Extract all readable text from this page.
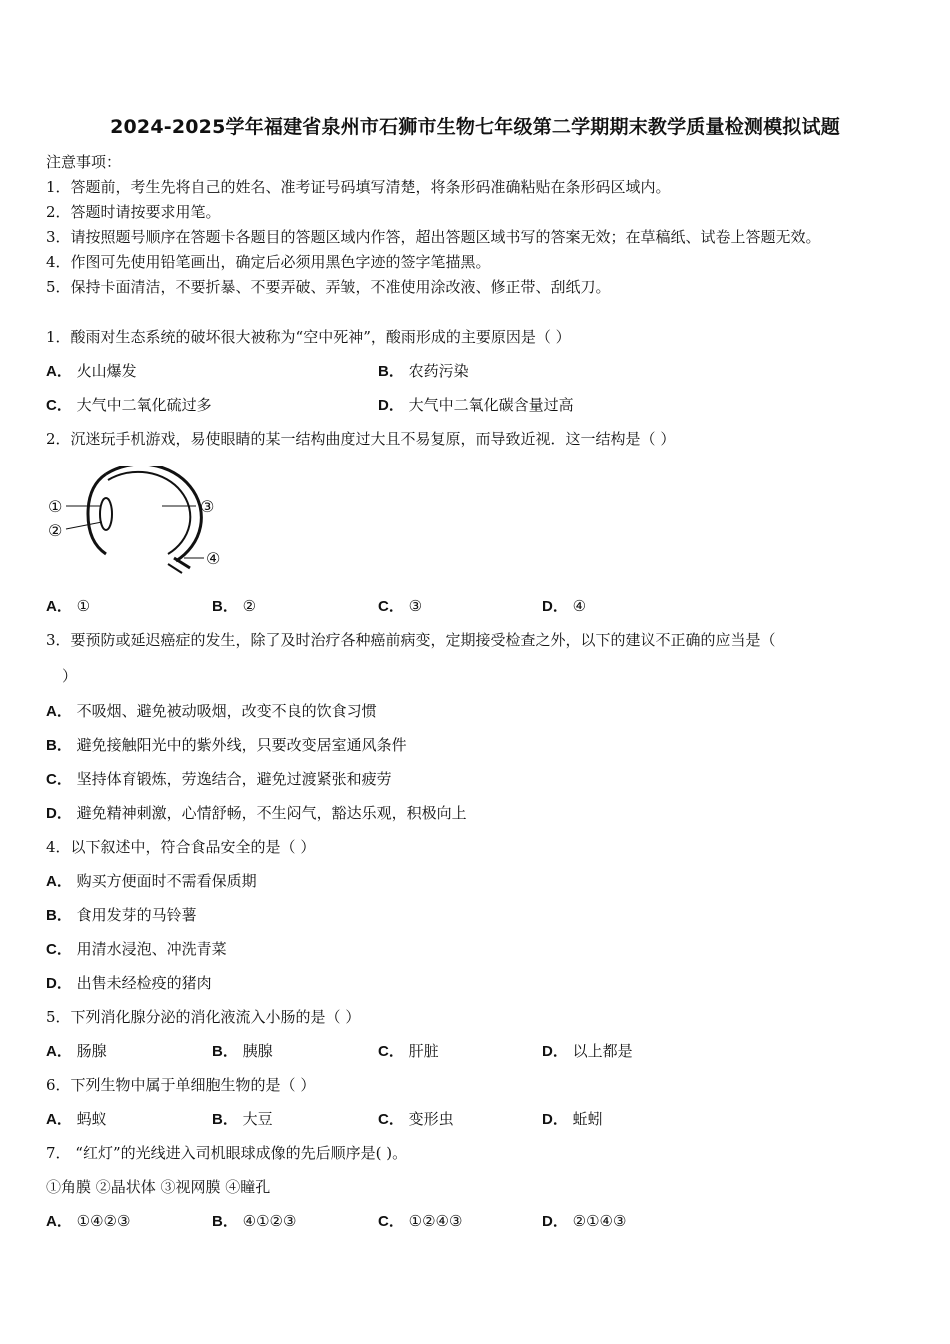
2024-2025学年福建省泉州市石狮市生物七年级第二学期期末教学质量检测模拟试题
注意事项：
1．答题前，考生先将自己的姓名、准考证号码填写清楚，将条形码准确粘贴在条形码区域内。
2．答题时请按要求用笔。
3．请按照题号顺序在答题卡各题目的答题区域内作答，超出答题区域书写的答案无效；在草稿纸、试卷上答题无效。
4．作图可先使用铅笔画出，确定后必须用黑色字迹的签字笔描黑。
5．保持卡面清洁，不要折暴、不要弄破、弄皱，不准使用涂改液、修正带、刮纸刀。
1．酸雨对生态系统的破坏很大被称为“空中死神”，酸雨形成的主要原因是（ ）
A． 火山爆发	B． 农药污染
C． 大气中二氧化硫过多	D． 大气中二氧化碳含量过高
2．沉迷玩手机游戏，易使眼睛的某一结构曲度过大且不易复原，而导致近视．这一结构是（ ）
①
②
③
④
A． ①	B． ②	C． ③	D． ④
3．要预防或延迟癌症的发生，除了及时治疗各种癌前病变，定期接受检查之外，以下的建议不正确的应当是（
）
A． 不吸烟、避免被动吸烟，改变不良的饮食习惯
B． 避免接触阳光中的紫外线，只要改变居室通风条件
C． 坚持体育锻炼，劳逸结合，避免过渡紧张和疲劳
D． 避免精神刺激，心情舒畅，不生闷气，豁达乐观，积极向上
4．以下叙述中，符合食品安全的是（ ）
A． 购买方便面时不需看保质期
B． 食用发芽的马铃薯
C． 用清水浸泡、冲洗青菜
D． 出售未经检疫的猪肉
5．下列消化腺分泌的消化液流入小肠的是（ ）
A． 肠腺	B． 胰腺	C． 肝脏	D． 以上都是
6．下列生物中属于单细胞生物的是（ ）
A． 蚂蚁	B． 大豆	C． 变形虫	D． 蚯蚓
7． “红灯”的光线进入司机眼球成像的先后顺序是( )。
①角膜 ②晶状体 ③视网膜 ④瞳孔
A． ①④②③	B． ④①②③	C． ①②④③	D． ②①④③
